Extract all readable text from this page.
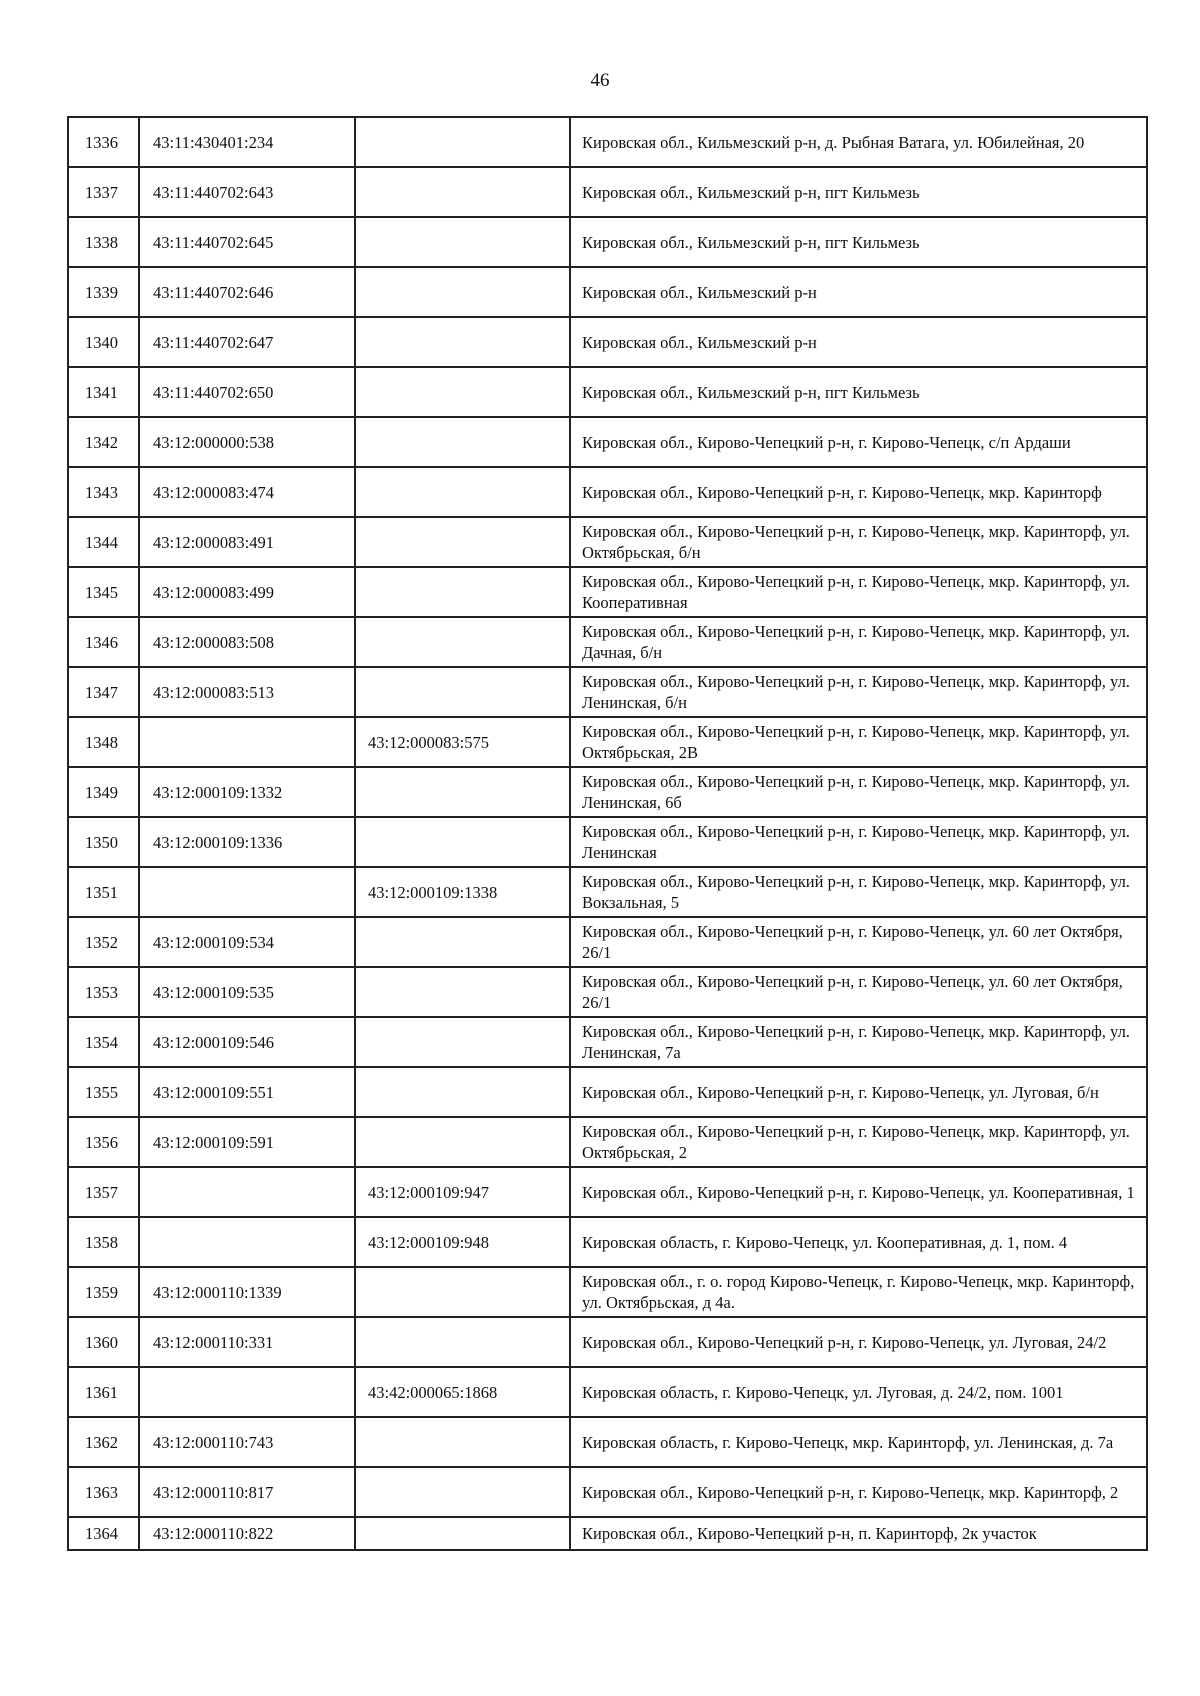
46
1336	43:11:430401:234		Кировская обл., Кильмезский р-н, д. Рыбная Ватага, ул. Юбилейная, 20
1337	43:11:440702:643		Кировская обл., Кильмезский р-н, пгт Кильмезь
1338	43:11:440702:645		Кировская обл., Кильмезский р-н, пгт Кильмезь
1339	43:11:440702:646		Кировская обл., Кильмезский р-н
1340	43:11:440702:647		Кировская обл., Кильмезский р-н
1341	43:11:440702:650		Кировская обл., Кильмезский р-н, пгт Кильмезь
1342	43:12:000000:538		Кировская обл., Кирово-Чепецкий р-н, г. Кирово-Чепецк, с/п Ардаши
1343	43:12:000083:474		Кировская обл., Кирово-Чепецкий р-н, г. Кирово-Чепецк, мкр. Каринторф
1344	43:12:000083:491		Кировская обл., Кирово-Чепецкий р-н, г. Кирово-Чепецк, мкр. Каринторф, ул. Октябрьская, б/н
1345	43:12:000083:499		Кировская обл., Кирово-Чепецкий р-н, г. Кирово-Чепецк, мкр. Каринторф, ул. Кооперативная
1346	43:12:000083:508		Кировская обл., Кирово-Чепецкий р-н, г. Кирово-Чепецк, мкр. Каринторф, ул. Дачная, б/н
1347	43:12:000083:513		Кировская обл., Кирово-Чепецкий р-н, г. Кирово-Чепецк, мкр. Каринторф, ул. Ленинская, б/н
1348		43:12:000083:575	Кировская обл., Кирово-Чепецкий р-н, г. Кирово-Чепецк, мкр. Каринторф, ул. Октябрьская, 2В
1349	43:12:000109:1332		Кировская обл., Кирово-Чепецкий р-н, г. Кирово-Чепецк, мкр. Каринторф, ул. Ленинская, 6б
1350	43:12:000109:1336		Кировская обл., Кирово-Чепецкий р-н, г. Кирово-Чепецк, мкр. Каринторф, ул. Ленинская
1351		43:12:000109:1338	Кировская обл., Кирово-Чепецкий р-н, г. Кирово-Чепецк, мкр. Каринторф, ул. Вокзальная, 5
1352	43:12:000109:534		Кировская обл., Кирово-Чепецкий р-н, г. Кирово-Чепецк, ул. 60 лет Октября, 26/1
1353	43:12:000109:535		Кировская обл., Кирово-Чепецкий р-н, г. Кирово-Чепецк, ул. 60 лет Октября, 26/1
1354	43:12:000109:546		Кировская обл., Кирово-Чепецкий р-н, г. Кирово-Чепецк, мкр. Каринторф, ул. Ленинская, 7а
1355	43:12:000109:551		Кировская обл., Кирово-Чепецкий р-н, г. Кирово-Чепецк, ул. Луговая, б/н
1356	43:12:000109:591		Кировская обл., Кирово-Чепецкий р-н, г. Кирово-Чепецк, мкр. Каринторф, ул. Октябрьская, 2
1357		43:12:000109:947	Кировская обл., Кирово-Чепецкий р-н, г. Кирово-Чепецк, ул. Кооперативная, 1
1358		43:12:000109:948	Кировская область, г. Кирово-Чепецк, ул. Кооперативная, д. 1, пом. 4
1359	43:12:000110:1339		Кировская обл., г. о. город Кирово-Чепецк, г. Кирово-Чепецк, мкр. Каринторф, ул. Октябрьская, д 4а.
1360	43:12:000110:331		Кировская обл., Кирово-Чепецкий р-н, г. Кирово-Чепецк, ул. Луговая, 24/2
1361		43:42:000065:1868	Кировская область, г. Кирово-Чепецк, ул. Луговая, д. 24/2, пом. 1001
1362	43:12:000110:743		Кировская область, г. Кирово-Чепецк, мкр. Каринторф, ул. Ленинская, д. 7а
1363	43:12:000110:817		Кировская обл., Кирово-Чепецкий р-н, г. Кирово-Чепецк, мкр. Каринторф, 2
1364	43:12:000110:822		Кировская обл., Кирово-Чепецкий р-н, п. Каринторф, 2к участок
